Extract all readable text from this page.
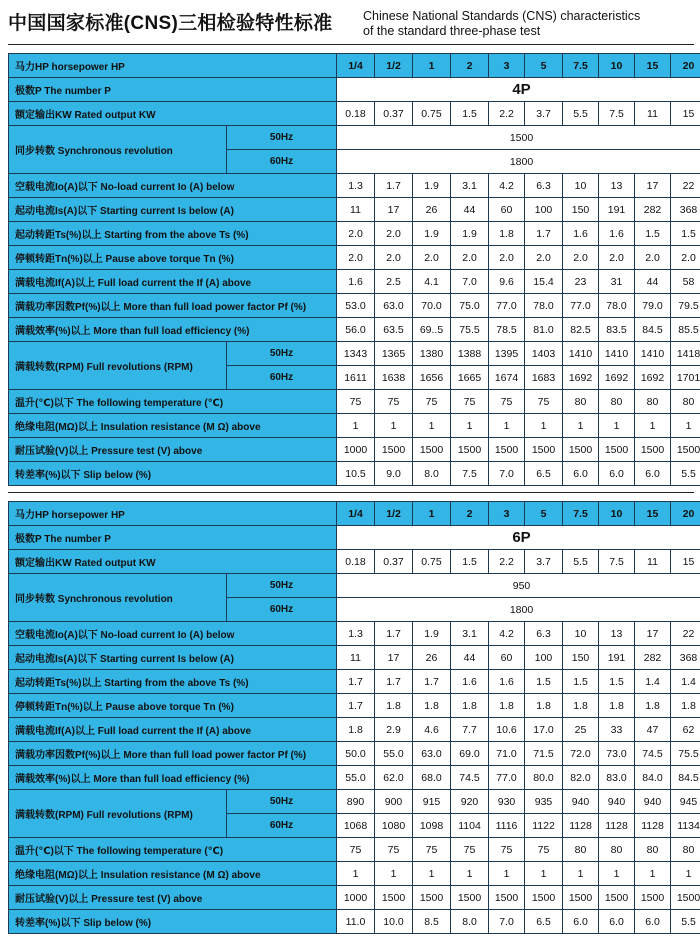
中国国家标准(CNS)三相检验特性标准 Chinese National Standards (CNS) characteristics
of the standard three-phase test
马力HP horsepower HP		1/4	1/2	1	2	3	5	7.5	10	15	20
极数P The number P		4P									
额定输出KW Rated output KW		0.18	0.37	0.75	1.5	2.2	3.7	5.5	7.5	11	15
同步转数 Synchronous revolution	50Hz	1500									
	60Hz	1800									
空载电流Io(A)以下 No-load current Io (A) below		1.3	1.7	1.9	3.1	4.2	6.3	10	13	17	22
起动电流Is(A)以下 Starting current Is below (A)		11	17	26	44	60	100	150	191	282	368
起动转距Ts(%)以上 Starting from the above Ts (%)		2.0	2.0	1.9	1.9	1.8	1.7	1.6	1.6	1.5	1.5
停顿转距Tn(%)以上 Pause above torque Tn (%)		2.0	2.0	2.0	2.0	2.0	2.0	2.0	2.0	2.0	2.0
满载电流If(A)以上 Full load current the If (A) above		1.6	2.5	4.1	7.0	9.6	15.4	23	31	44	58
满载功率因数Pf(%)以上 More than full load power factor Pf (%)		53.0	63.0	70.0	75.0	77.0	78.0	77.0	78.0	79.0	79.5
满载效率(%)以上 More than full load efficiency (%)		56.0	63.5	69..5	75.5	78.5	81.0	82.5	83.5	84.5	85.5
满载转数(RPM) Full revolutions (RPM)	50Hz	1343	1365	1380	1388	1395	1403	1410	1410	1410	1418
	60Hz	1611	1638	1656	1665	1674	1683	1692	1692	1692	1701
温升(℃)以下 The following temperature (℃)		75	75	75	75	75	75	80	80	80	80
绝缘电阻(MΩ)以上 Insulation resistance (M Ω) above		1	1	1	1	1	1	1	1	1	1
耐压试验(V)以上 Pressure test (V) above		1000	1500	1500	1500	1500	1500	1500	1500	1500	1500
转差率(%)以下 Slip below (%)		10.5	9.0	8.0	7.5	7.0	6.5	6.0	6.0	6.0	5.5
马力HP horsepower HP		1/4	1/2	1	2	3	5	7.5	10	15	20
极数P The number P		6P									
额定输出KW Rated output KW		0.18	0.37	0.75	1.5	2.2	3.7	5.5	7.5	11	15
同步转数 Synchronous revolution	50Hz	950									
	60Hz	1800									
空载电流Io(A)以下 No-load current Io (A) below		1.3	1.7	1.9	3.1	4.2	6.3	10	13	17	22
起动电流Is(A)以下 Starting current Is below (A)		11	17	26	44	60	100	150	191	282	368
起动转距Ts(%)以上 Starting from the above Ts (%)		1.7	1.7	1.7	1.6	1.6	1.5	1.5	1.5	1.4	1.4
停顿转距Tn(%)以上 Pause above torque Tn (%)		1.7	1.8	1.8	1.8	1.8	1.8	1.8	1.8	1.8	1.8
满载电流If(A)以上 Full load current the If (A) above		1.8	2.9	4.6	7.7	10.6	17.0	25	33	47	62
满载功率因数Pf(%)以上 More than full load power factor Pf (%)		50.0	55.0	63.0	69.0	71.0	71.5	72.0	73.0	74.5	75.5
满载效率(%)以上 More than full load efficiency (%)		55.0	62.0	68.0	74.5	77.0	80.0	82.0	83.0	84.0	84.5
满载转数(RPM) Full revolutions (RPM)	50Hz	890	900	915	920	930	935	940	940	940	945
	60Hz	1068	1080	1098	1104	1116	1122	1128	1128	1128	1134
温升(℃)以下 The following temperature (℃)		75	75	75	75	75	75	80	80	80	80
绝缘电阻(MΩ)以上 Insulation resistance (M Ω) above		1	1	1	1	1	1	1	1	1	1
耐压试验(V)以上 Pressure test (V) above		1000	1500	1500	1500	1500	1500	1500	1500	1500	1500
转差率(%)以下 Slip below (%)		11.0	10.0	8.5	8.0	7.0	6.5	6.0	6.0	6.0	5.5
